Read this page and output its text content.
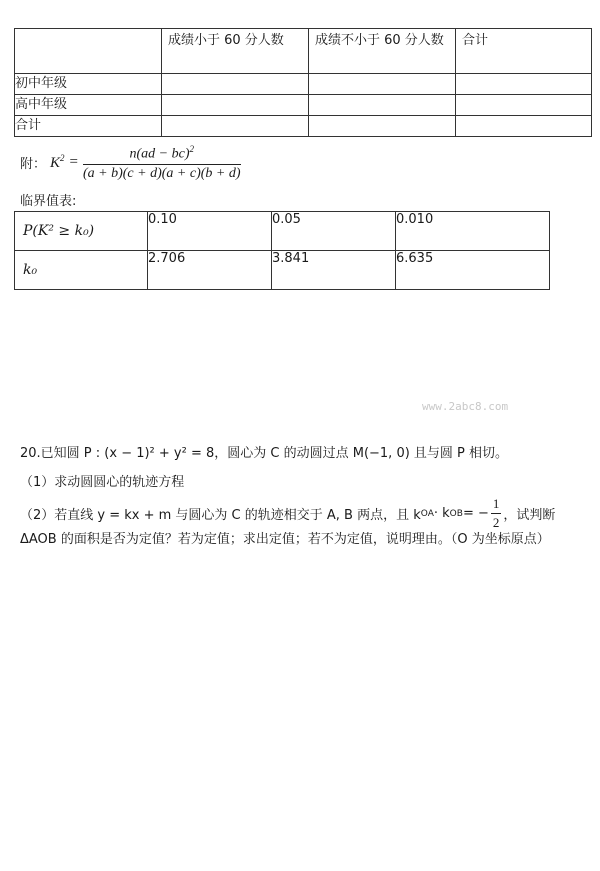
	成绩小于 60 分人数	成绩不小于 60 分人数	合计
初中年级			
高中年级			
合计			
附： $K^2 = \frac{n(ad - bc)^2}{(a + b)(c + d)(a + c)(b + d)}$
临界值表:
P(K² ≥ k₀)	0.10	0.05	0.010
k₀	2.706	3.841	6.635
www.2abc8.com
20.已知圆 P : (x − 1)² + y² = 8，圆心为 C 的动圆过点 M(−1, 0) 且与圆 P 相切。
（1）求动圆圆心的轨迹方程
（2）若直线 y = kx + m 与圆心为 C 的轨迹相交于 A, B 两点，且 k OA · k OB = − $\frac{1}{2}$ ，试判断
ΔAOB 的面积是否为定值？若为定值；求出定值；若不为定值，说明理由。（O 为坐标原点）
